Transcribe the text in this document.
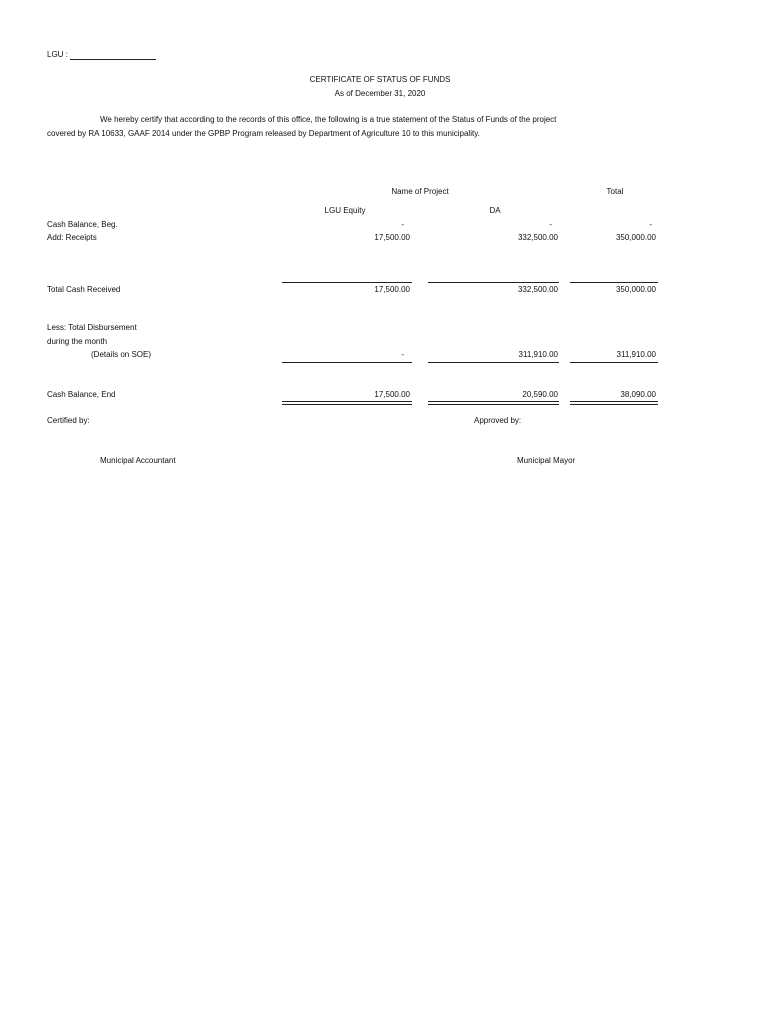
LGU :
CERTIFICATE OF STATUS OF FUNDS
As of December 31, 2020
We hereby certify that according to the records of this office, the following is a true statement of the Status of Funds of the project
covered by RA 10633, GAAF 2014 under the GPBP Program released by Department of Agriculture 10 to this municipality.
Name of Project	Total
LGU Equity	DA
Cash Balance, Beg.	-	-	-
Add: Receipts	17,500.00	332,500.00	350,000.00
Total Cash Received	17,500.00	332,500.00	350,000.00
Less: Total Disbursement
during the month
(Details on SOE)	-	311,910.00	311,910.00
Cash Balance, End	17,500.00	20,590.00	38,090.00
Certified by:	Approved by:
Municipal Accountant	Municipal Mayor
